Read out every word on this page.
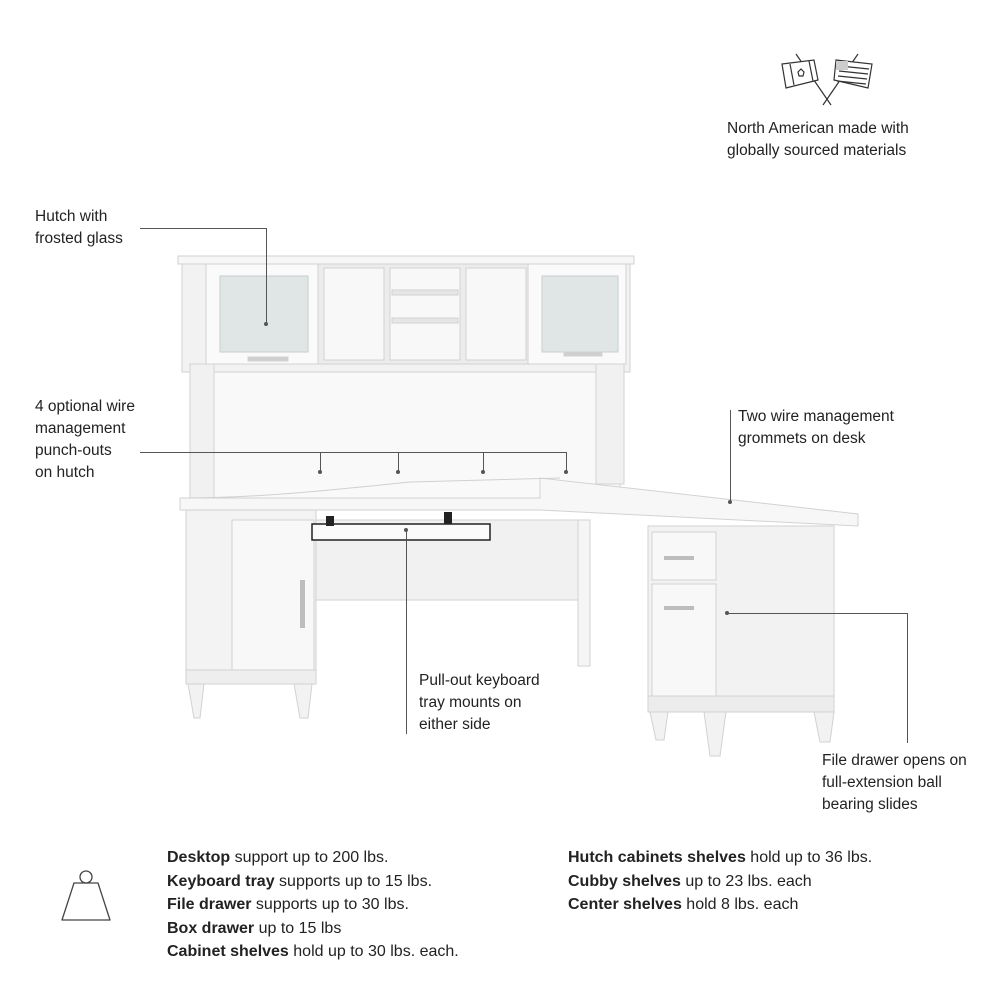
North American made with
globally sourced materials
Hutch with
frosted glass
4 optional wire
management
punch-outs
on hutch
Two wire management
grommets on desk
Pull-out keyboard
tray mounts on
either side
File drawer opens on
full-extension ball
bearing slides
Desktop support up to 200 lbs.
Keyboard tray supports up to 15 lbs.
File drawer supports up to 30 lbs.
Box drawer up to 15 lbs
Cabinet shelves hold up to 30 lbs. each.
Hutch cabinets shelves hold up to 36 lbs.
Cubby shelves up to 23 lbs. each
Center shelves hold 8 lbs. each
